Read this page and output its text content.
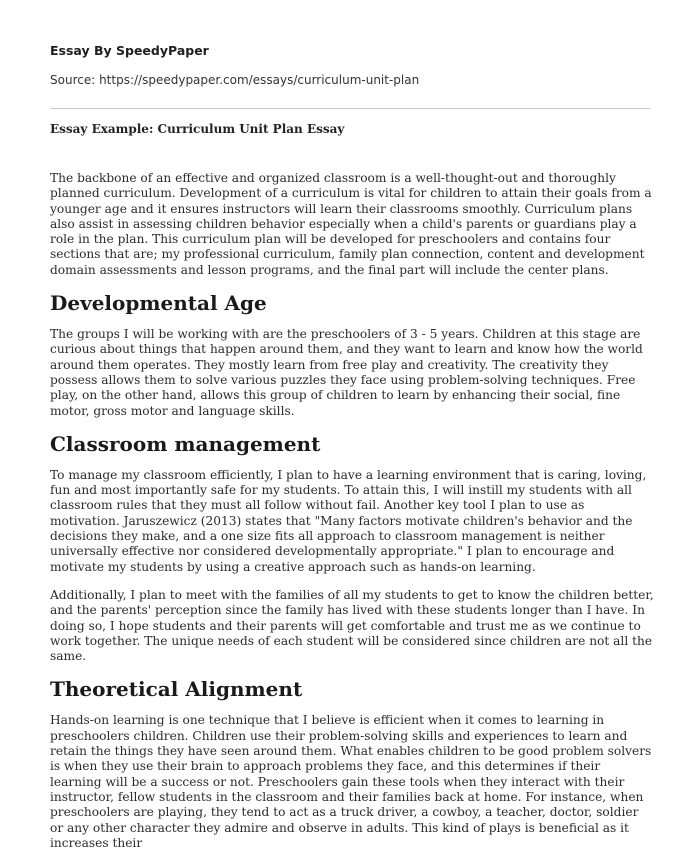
Essay By SpeedyPaper
Source: https://speedypaper.com/essays/curriculum-unit-plan
Essay Example: Curriculum Unit Plan Essay

The backbone of an effective and organized classroom is a well-thought-out and thoroughly planned curriculum. Development of a curriculum is vital for children to attain their goals from a younger age and it ensures instructors will learn their classrooms smoothly. Curriculum plans also assist in assessing children behavior especially when a child's parents or guardians play a role in the plan. This curriculum plan will be developed for preschoolers and contains four sections that are; my professional curriculum, family plan connection, content and development domain assessments and lesson programs, and the final part will include the center plans.

Developmental Age

The groups I will be working with are the preschoolers of 3 - 5 years. Children at this stage are curious about things that happen around them, and they want to learn and know how the world around them operates. They mostly learn from free play and creativity. The creativity they possess allows them to solve various puzzles they face using problem-solving techniques. Free play, on the other hand, allows this group of children to learn by enhancing their social, fine motor, gross motor and language skills.

Classroom management

To manage my classroom efficiently, I plan to have a learning environment that is caring, loving, fun and most importantly safe for my students. To attain this, I will instill my students with all classroom rules that they must all follow without fail. Another key tool I plan to use as motivation. Jaruszewicz (2013) states that "Many factors motivate children's behavior and the decisions they make, and a one size fits all approach to classroom management is neither universally effective nor considered developmentally appropriate." I plan to encourage and motivate my students by using a creative approach such as hands-on learning.

Additionally, I plan to meet with the families of all my students to get to know the children better, and the parents' perception since the family has lived with these students longer than I have. In doing so, I hope students and their parents will get comfortable and trust me as we continue to work together. The unique needs of each student will be considered since children are not all the same.

Theoretical Alignment

Hands-on learning is one technique that I believe is efficient when it comes to learning in preschoolers children. Children use their problem-solving skills and experiences to learn and retain the things they have seen around them. What enables children to be good problem solvers is when they use their brain to approach problems they face, and this determines if their learning will be a success or not. Preschoolers gain these tools when they interact with their instructor, fellow students in the classroom and their families back at home. For instance, when preschoolers are playing, they tend to act as a truck driver, a cowboy, a teacher, doctor, soldier or any other character they admire and observe in adults. This kind of plays is beneficial as it increases their
